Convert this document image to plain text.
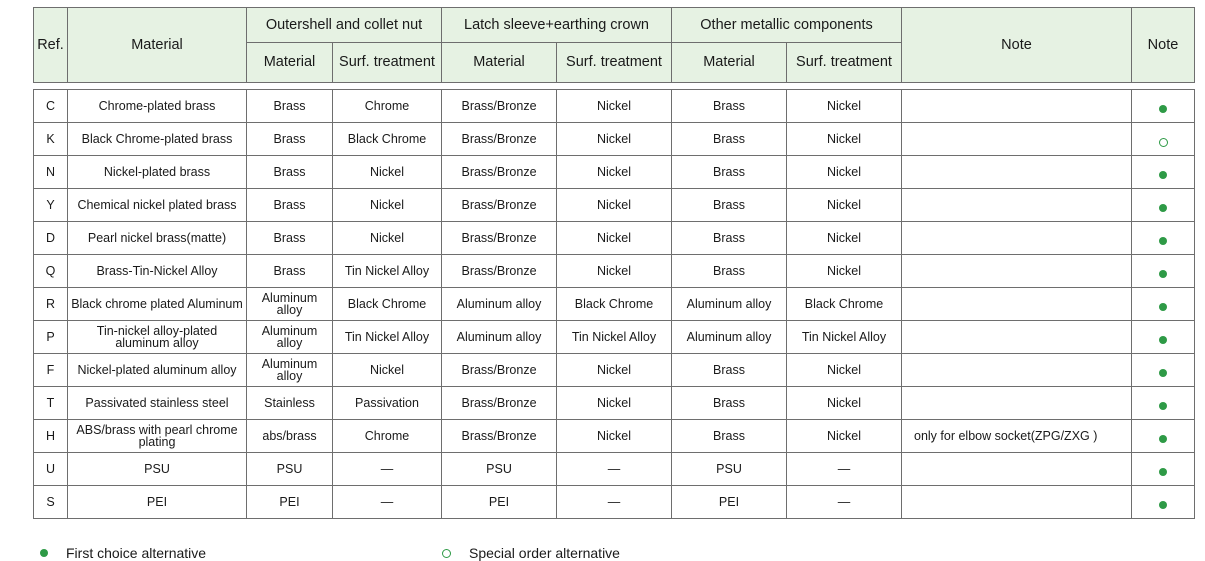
Ref.	Material	Outershell and collet nut		Latch sleeve+earthing crown		Other metallic components		Note	Note
		Material	Surf. treatment	Material	Surf. treatment	Material	Surf. treatment		

C	Chrome-plated brass	Brass	Chrome	Brass/Bronze	Nickel	Brass	Nickel		
K	Black Chrome-plated brass	Brass	Black Chrome	Brass/Bronze	Nickel	Brass	Nickel		
N	Nickel-plated brass	Brass	Nickel	Brass/Bronze	Nickel	Brass	Nickel		
Y	Chemical nickel plated brass	Brass	Nickel	Brass/Bronze	Nickel	Brass	Nickel		
D	Pearl nickel brass(matte)	Brass	Nickel	Brass/Bronze	Nickel	Brass	Nickel		
Q	Brass-Tin-Nickel Alloy	Brass	Tin Nickel Alloy	Brass/Bronze	Nickel	Brass	Nickel		
R	Black chrome plated Aluminum	Aluminum alloy	Black Chrome	Aluminum alloy	Black Chrome	Aluminum alloy	Black Chrome		
P	Tin-nickel alloy-plated aluminum alloy	Aluminum alloy	Tin Nickel Alloy	Aluminum alloy	Tin Nickel Alloy	Aluminum alloy	Tin Nickel Alloy		
F	Nickel-plated aluminum alloy	Aluminum alloy	Nickel	Brass/Bronze	Nickel	Brass	Nickel		
T	Passivated stainless steel	Stainless	Passivation	Brass/Bronze	Nickel	Brass	Nickel		
H	ABS/brass with pearl chrome plating	abs/brass	Chrome	Brass/Bronze	Nickel	Brass	Nickel	only for elbow socket(ZPG/ZXG )	
U	PSU	PSU	—	PSU	—	PSU	—		
S	PEI	PEI	—	PEI	—	PEI	—		
First choice alternative	Special order alternative
